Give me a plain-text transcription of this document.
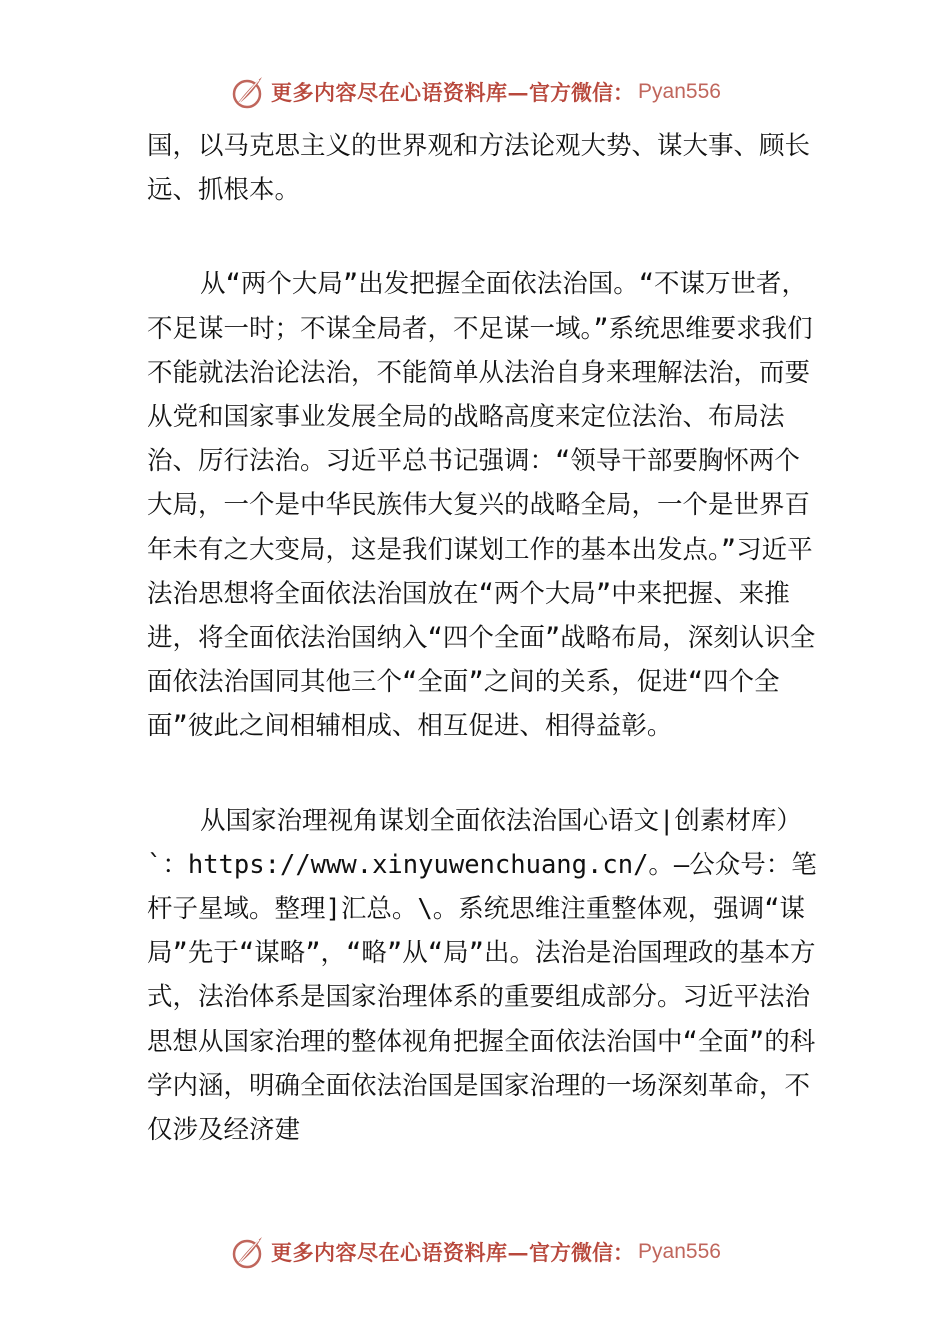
更多内容尽在心语资料库— 官方微信： Pyan556

国，以马克思主义的世界观和方法论观大势、谋大事、顾长远、抓根本。

从“两个大局”出发把握全面依法治国。“不谋万世者，不足谋一时；不谋全局者，不足谋一域。”系统思维要求我们不能就法治论法治，不能简单从法治自身来理解法治，而要从党和国家事业发展全局的战略高度来定位法治、布局法治、厉行法治。习近平总书记强调：“领导干部要胸怀两个大局，一个是中华民族伟大复兴的战略全局，一个是世界百年未有之大变局，这是我们谋划工作的基本出发点。”习近平法治思想将全面依法治国放在“两个大局”中来把握、来推进，将全面依法治国纳入“四个全面”战略布局，深刻认识全面依法治国同其他三个“全面”之间的关系，促进“四个全面”彼此之间相辅相成、相互促进、相得益彰。

从国家治理视角谋划全面依法治国心语文|创素材库）`：https://www.xinyuwenchuang.cn/。—公众号：笔杆子星域。整理]汇总。\。系统思维注重整体观，强调“谋局”先于“谋略”，“略”从“局”出。法治是治国理政的基本方式，法治体系是国家治理体系的重要组成部分。习近平法治思想从国家治理的整体视角把握全面依法治国中“全面”的科学内涵，明确全面依法治国是国家治理的一场深刻革命，不仅涉及经济建

更多内容尽在心语资料库— 官方微信： Pyan556
